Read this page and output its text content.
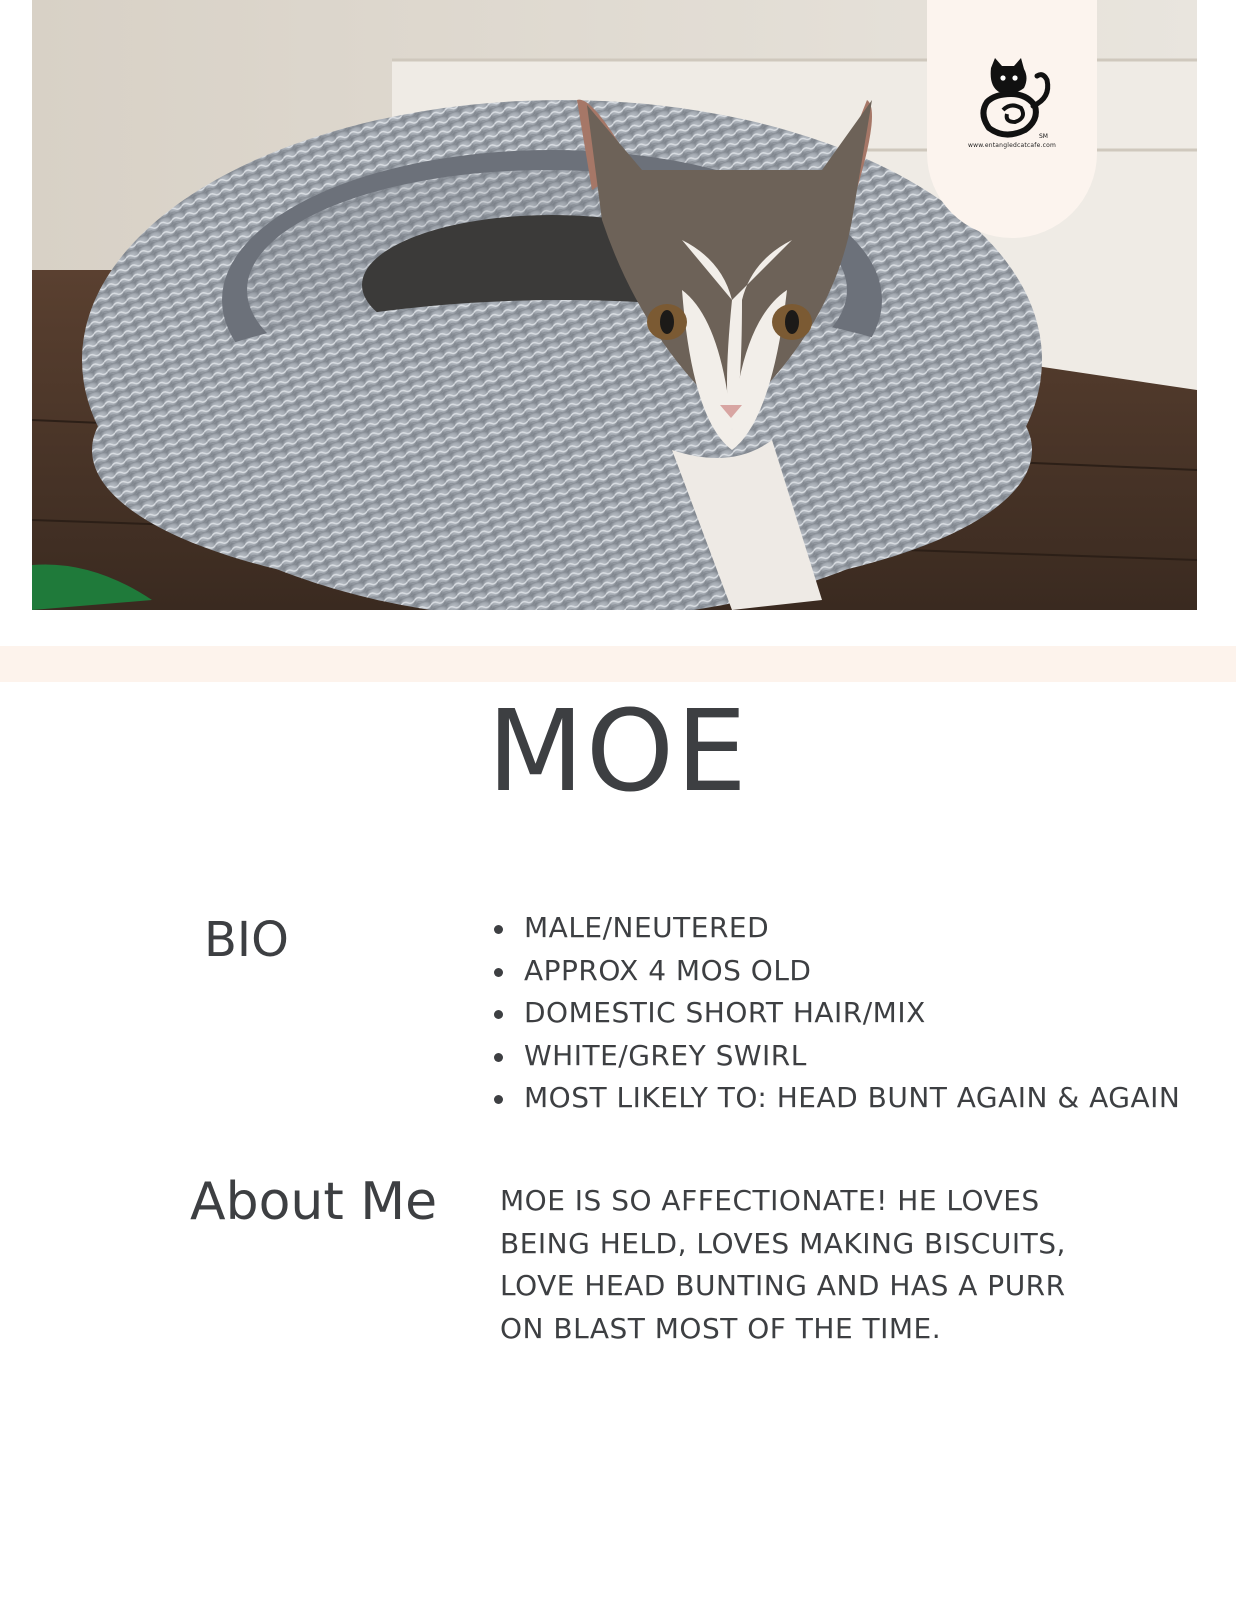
SM
www.entangledcatcafe.com
MOE
BIO	MALE/NEUTERED
APPROX 4 MOS OLD
DOMESTIC SHORT HAIR/MIX
WHITE/GREY SWIRL
MOST LIKELY TO: HEAD BUNT AGAIN & AGAIN
About Me MOE IS SO AFFECTIONATE! HE LOVES BEING HELD, LOVES MAKING BISCUITS, LOVE HEAD BUNTING AND HAS A PURR ON BLAST MOST OF THE TIME.
